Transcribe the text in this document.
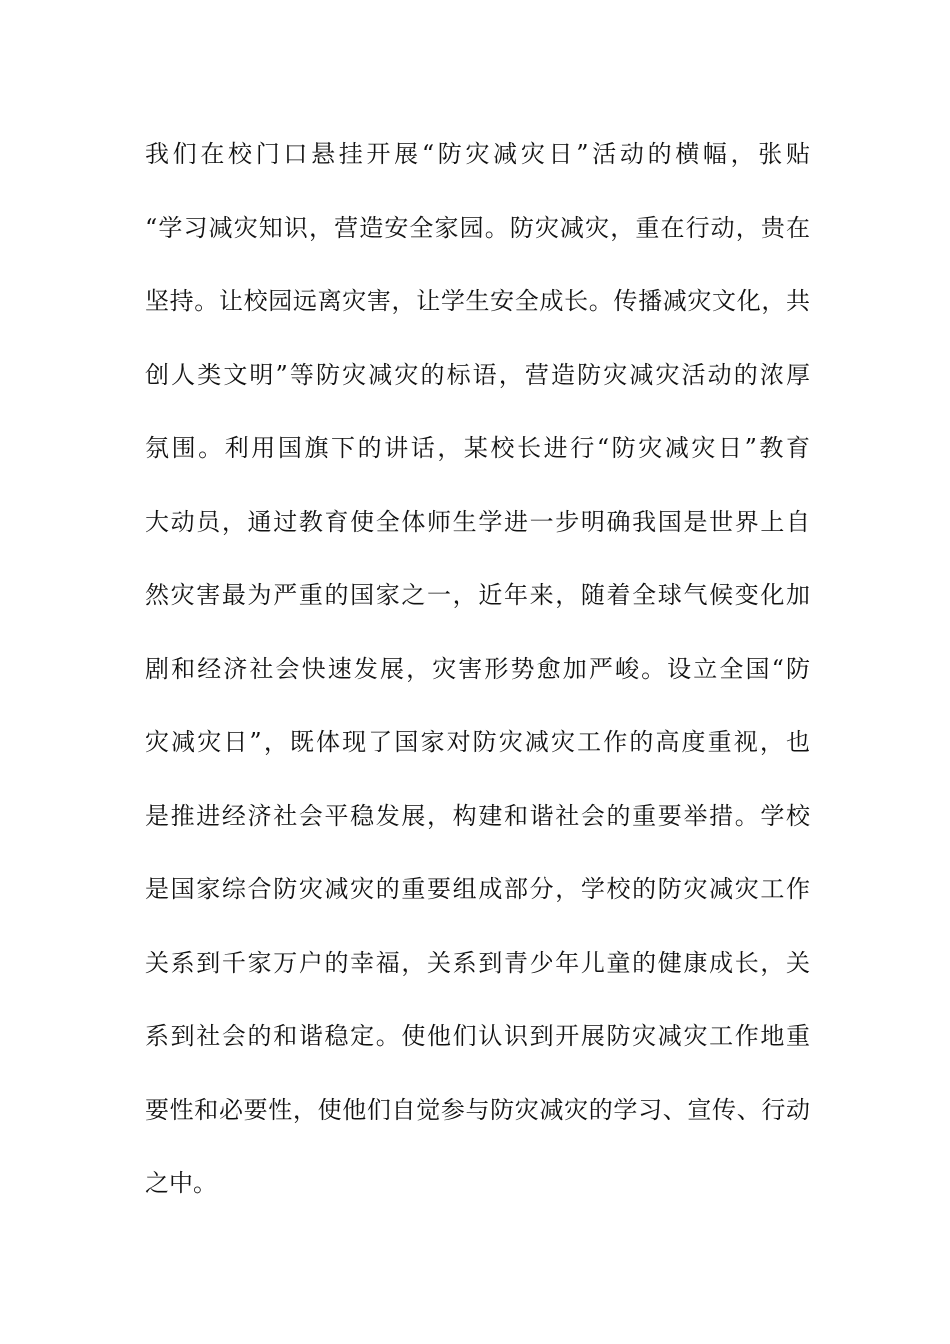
我们在校门口悬挂开展“防灾减灾日”活动的横幅，张贴
“学习减灾知识，营造安全家园。防灾减灾，重在行动，贵在
坚持。让校园远离灾害，让学生安全成长。传播减灾文化，共
创人类文明”等防灾减灾的标语，营造防灾减灾活动的浓厚
氛围。利用国旗下的讲话，某校长进行“防灾减灾日”教育
大动员，通过教育使全体师生学进一步明确我国是世界上自
然灾害最为严重的国家之一，近年来，随着全球气候变化加
剧和经济社会快速发展，灾害形势愈加严峻。设立全国“防
灾减灾日”，既体现了国家对防灾减灾工作的高度重视，也
是推进经济社会平稳发展，构建和谐社会的重要举措。学校
是国家综合防灾减灾的重要组成部分，学校的防灾减灾工作
关系到千家万户的幸福，关系到青少年儿童的健康成长，关
系到社会的和谐稳定。使他们认识到开展防灾减灾工作地重
要性和必要性，使他们自觉参与防灾减灾的学习、宣传、行动
之中。
